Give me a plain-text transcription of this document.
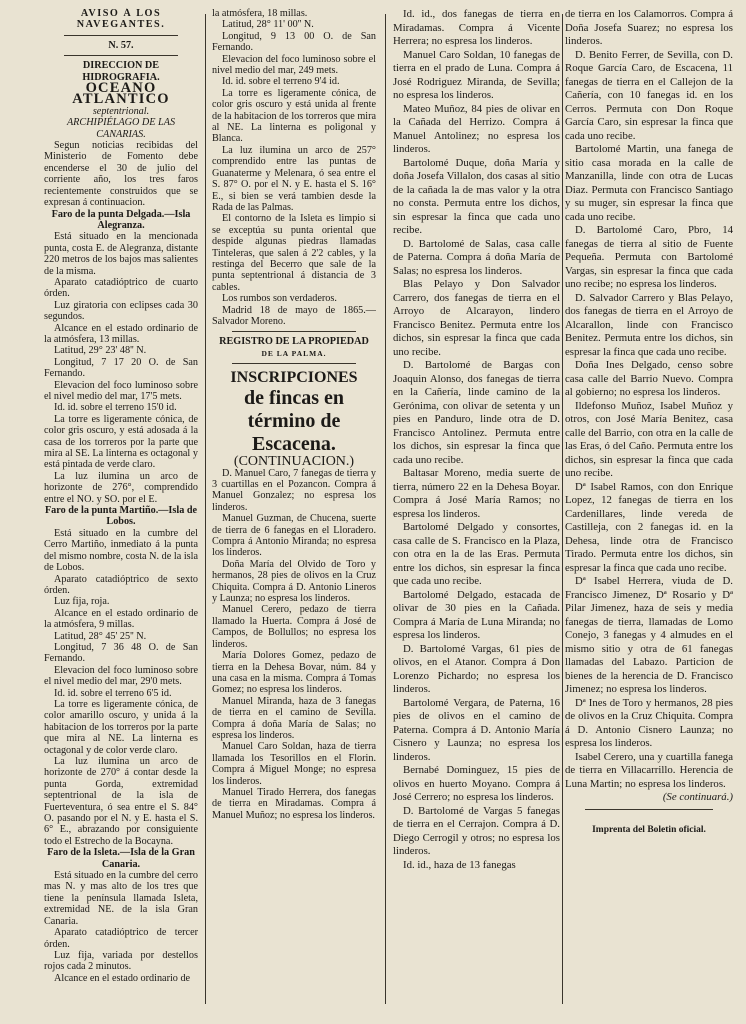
AVISO Á LOS NAVEGANTES.

N. 57.

DIRECCION DE HIDROGRAFIA.

OCEANO ATLANTICO

septentrional.

ARCHIPIÉLAGO DE LAS CANARIAS.

Segun noticias recibidas del Ministerio de Fomento debe encenderse el 30 de julio del corriente año, los tres faros recientemente construidos que se expresan á continuacion.

Faro de la punta Delgada.—Isla Alegranza.

Está situado en la mencionada punta, costa E. de Alegranza, distante 220 metros de los bajos mas salientes de la misma.

Aparato catadióptrico de cuarto órden.

Luz giratoria con eclipses cada 30 segundos.

Alcance en el estado ordinario de la atmósfera, 13 millas.

Latitud, 29° 23' 48'' N.

Longitud, 7 17 20 O. de San Fernando.

Elevacion del foco luminoso sobre el nivel medio del mar, 17'5 mets.

Id. id. sobre el terreno 15'0 id.

La torre es ligeramente cónica, de color gris oscuro, y está adosada á la casa de los torreros por la parte que mira al SE. La linterna es octagonal y está pintada de verde claro.

La luz ilumina un arco de horizonte de 276°, comprendido entre el NO. y SO. por el E.

Faro de la punta Martiño.—Isla de Lobos.

Está situado en la cumbre del Cerro Martiño, inmediato á la punta del mismo nombre, costa N. de la isla de Lobos.

Aparato catadióptrico de sexto órden.

Luz fija, roja.

Alcance en el estado ordinario de la atmósfera, 9 millas.

Latitud, 28° 45' 25'' N.

Longitud, 7 36 48 O. de San Fernando.

Elevacion del foco luminoso sobre el nivel medio del mar, 29'0 mets.

Id. id. sobre el terreno 6'5 id.

La torre es ligeramente cónica, de color amarillo oscuro, y unida á la habitacion de los torreros por la parte que mira al NE. La linterna es octagonal y de color verde claro.

La luz ilumina un arco de horizonte de 270° á contar desde la punta Gorda, extremidad septentrional de la isla de Fuerteventura, ó sea entre el S. 84° O. pasando por el N. y E. hasta el S. 6° E., abrazando por consiguiente todo el Estrecho de la Bocayna.

Faro de la Isleta.—Isla de la Gran Canaria.

Está situado en la cumbre del cerro mas N. y mas alto de los tres que tiene la península llamada Isleta, extremidad NE. de la isla Gran Canaria.

Aparato catadióptrico de tercer órden.

Luz fija, variada por destellos rojos cada 2 minutos.

Alcance en el estado ordinario de

la atmósfera, 18 millas.

Latitud, 28° 11' 00'' N.

Longitud, 9 13 00 O. de San Fernando.

Elevacion del foco luminoso sobre el nivel medio del mar, 249 mets.

Id. id. sobre el terreno 9'4 id.

La torre es ligeramente cónica, de color gris oscuro y está unida al frente de la habitacion de los torreros que mira al NE. La linterna es poligonal y Blanca.

La luz ilumina un arco de 257° comprendido entre las puntas de Guanaterme y Melenara, ó sea entre el S. 87° O. por el N. y E. hasta el S. 16° E., si bien se verá tambien desde la Rada de las Palmas.

El contorno de la Isleta es limpio si se exceptúa su punta oriental que despide algunas piedras llamadas Tinteleras, que salen á 2'2 cables, y la restinga del Becerro que sale de la punta septentrional á distancia de 3 cables.

Los rumbos son verdaderos.

Madrid 18 de mayo de 1865.—Salvador Moreno.

REGISTRO DE LA PROPIEDAD

DE LA PALMA.

INSCRIPCIONES

de fincas en término de Escacena.

(CONTINUACION.)

D. Manuel Caro, 7 fanegas de tierra y 3 cuartillas en el Pozancon. Compra á Manuel Gonzalez; no espresa los linderos.

Manuel Guzman, de Chucena, suerte de tierra de 6 fanegas en el Lloradero. Compra á Antonio Miranda; no espresa los linderos.

Doña María del Olvido de Toro y hermanos, 28 pies de olivos en la Cruz Chiquita. Compra á D. Antonio Lineros y Launza; no espresa los linderos.

Manuel Cerero, pedazo de tierra llamado la Huerta. Compra á José de Campos, de Bollullos; no espresa los linderos.

María Dolores Gomez, pedazo de tierra en la Dehesa Bovar, núm. 84 y una casa en la misma. Compra á Tomas Gomez; no espresa los linderos.

Manuel Miranda, haza de 3 fanegas de tierra en el camino de Sevilla. Compra á doña María de Salas; no espresa los linderos.

Manuel Caro Soldan, haza de tierra llamada los Tesorillos en el Florin. Compra á Miguel Monge; no espresa los linderos.

Manuel Tirado Herrera, dos fanegas de tierra en Miradamas. Compra á Manuel Muñoz; no espresa los linderos.

Id. id., dos fanegas de tierra en Miradamas. Compra á Vicente Herrera; no espresa los linderos.

Manuel Caro Soldan, 10 fanegas de tierra en el prado de Luna. Compra á José Rodriguez Miranda, de Sevilla; no espresa los linderos.

Mateo Muñoz, 84 pies de olivar en la Cañada del Herrizo. Compra á Manuel Antolinez; no espresa los linderos.

Bartolomé Duque, doña María y doña Josefa Villalon, dos casas al sitio de la cañada la de mas valor y la otra no consta. Permuta entre los dichos, sin espresar la finca que cada uno recibe.

D. Bartolomé de Salas, casa calle de Paterna. Compra á doña María de Salas; no espresa los linderos.

Blas Pelayo y Don Salvador Carrero, dos fanegas de tierra en el Arroyo de Alcarayon, lindero Francisco Benitez. Permuta entre los dichos, sin espresar la finca que cada uno recibe.

D. Bartolomé de Bargas con Joaquin Alonso, dos fanegas de tierra en la Cañería, linde camino de la Gerónima, con olivar de setenta y un pies en Panduro, linde otra de D. Francisco Antolinez. Permuta entre los dichos, sin espresar la finca que cada uno recibe.

Baltasar Moreno, media suerte de tierra, número 22 en la Dehesa Boyar. Compra á José María Ramos; no espresa los linderos.

Bartolomé Delgado y consortes, casa calle de S. Francisco en la Plaza, con otra en la de las Eras. Permuta entre los dichos, sin espresar la finca que cada uno recibe.

Bartolomé Delgado, estacada de olivar de 30 pies en la Cañada. Compra á María de Luna Miranda; no espresa los linderos.

D. Bartolomé Vargas, 61 pies de olivos, en el Atanor. Compra á Don Lorenzo Pichardo; no espresa los linderos.

Bartolomé Vergara, de Paterna, 16 pies de olivos en el camino de Paterna. Compra á D. Antonio María Cisnero y Launza; no espresa los linderos.

Bernabé Dominguez, 15 pies de olivos en huerto Moyano. Compra á José Cerrero; no espresa los linderos.

D. Bartolomé de Vargas 5 fanegas de tierra en el Cerrajon. Compra á D. Diego Cerrogil y otros; no espresa los linderos.

Id. id., haza de 13 fanegas

de tierra en los Calamorros. Compra á Doña Josefa Suarez; no espresa los linderos.

D. Benito Ferrer, de Sevilla, con D. Roque García Caro, de Escacena, 11 fanegas de tierra en el Callejon de la Cañería, con 10 fanegas id. en los Cerros. Permuta con Don Roque García Caro, sin espresar la finca que cada uno recibe.

Bartolomé Martin, una fanega de sitio casa morada en la calle de Manzanilla, linde con otra de Lucas Diaz. Permuta con Francisco Santiago y su muger, sin espresar la finca que cada uno recibe.

D. Bartolomé Caro, Pbro, 14 fanegas de tierra al sitio de Fuente Pequeña. Permuta con Bartolomé Vargas, sin espresar la finca que cada uno recibe; no espresa los linderos.

D. Salvador Carrero y Blas Pelayo, dos fanegas de tierra en el Arroyo de Alcarallon, linde con Francisco Benitez. Permuta entre los dichos, sin espresar la finca que cada uno recibe.

Doña Ines Delgado, censo sobre casa calle del Barrio Nuevo. Compra al gobierno; no espresa los linderos.

Ildefonso Muñoz, Isabel Muñoz y otros, con José María Benitez, casa calle del Barrio, con otra en la calle de las Eras, ó del Caño. Permuta entre los dichos, sin espresar la finca que cada uno recibe.

Dª Isabel Ramos, con don Enrique Lopez, 12 fanegas de tierra en los Cardenillares, linde vereda de Castilleja, con 2 fanegas id. en la Dehesa, linde otra de Francisco Tirado. Permuta entre los dichos, sin espresar la finca que cada uno recibe.

Dª Isabel Herrera, viuda de D. Francisco Jimenez, Dª Rosario y Dª Pilar Jimenez, haza de seis y media fanegas de tierra, llamadas de Lomo Conejo, 3 fanegas y 4 almudes en el mismo sitio y otra de 61 fanegas llamadas del Labazo. Particion de bienes de la herencia de D. Francisco Jimenez; no espresa los linderos.

Dª Ines de Toro y hermanos, 28 pies de olivos en la Cruz Chiquita. Compra á D. Antonio Cisnero Launza; no espresa los linderos.

Isabel Cerero, una y cuartilla fanega de tierra en Villacarrillo. Herencia de Luna Martin; no espresa los linderos.

(Se continuará.)

Imprenta del Boletin oficial.
